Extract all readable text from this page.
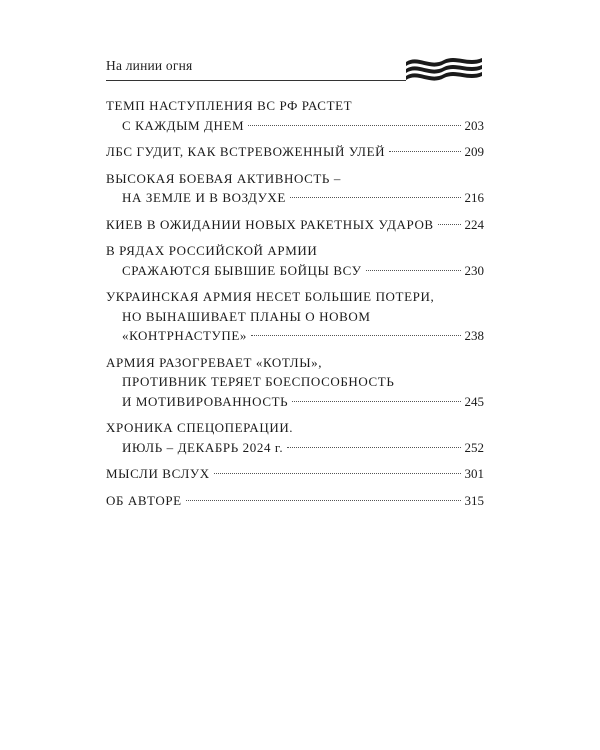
На линии огня
ТЕМП НАСТУПЛЕНИЯ ВС РФ РАСТЕТ
С КАЖДЫМ ДНЕМ	203
ЛБС ГУДИТ, КАК ВСТРЕВОЖЕННЫЙ УЛЕЙ	209
ВЫСОКАЯ БОЕВАЯ АКТИВНОСТЬ –
НА ЗЕМЛЕ И В ВОЗДУХЕ	216
КИЕВ В ОЖИДАНИИ НОВЫХ РАКЕТНЫХ УДАРОВ 224
В РЯДАХ РОССИЙСКОЙ АРМИИ
СРАЖАЮТСЯ БЫВШИЕ БОЙЦЫ ВСУ	230
УКРАИНСКАЯ АРМИЯ НЕСЕТ БОЛЬШИЕ ПОТЕРИ,
НО ВЫНАШИВАЕТ ПЛАНЫ О НОВОМ
«КОНТРНАСТУПЕ»	238
АРМИЯ РАЗОГРЕВАЕТ «КОТЛЫ»,
ПРОТИВНИК ТЕРЯЕТ БОЕСПОСОБНОСТЬ
И МОТИВИРОВАННОСТЬ	245
ХРОНИКА СПЕЦОПЕРАЦИИ.
ИЮЛЬ – ДЕКАБРЬ 2024 г.	252
МЫСЛИ ВСЛУХ	301
ОБ АВТОРЕ	315
